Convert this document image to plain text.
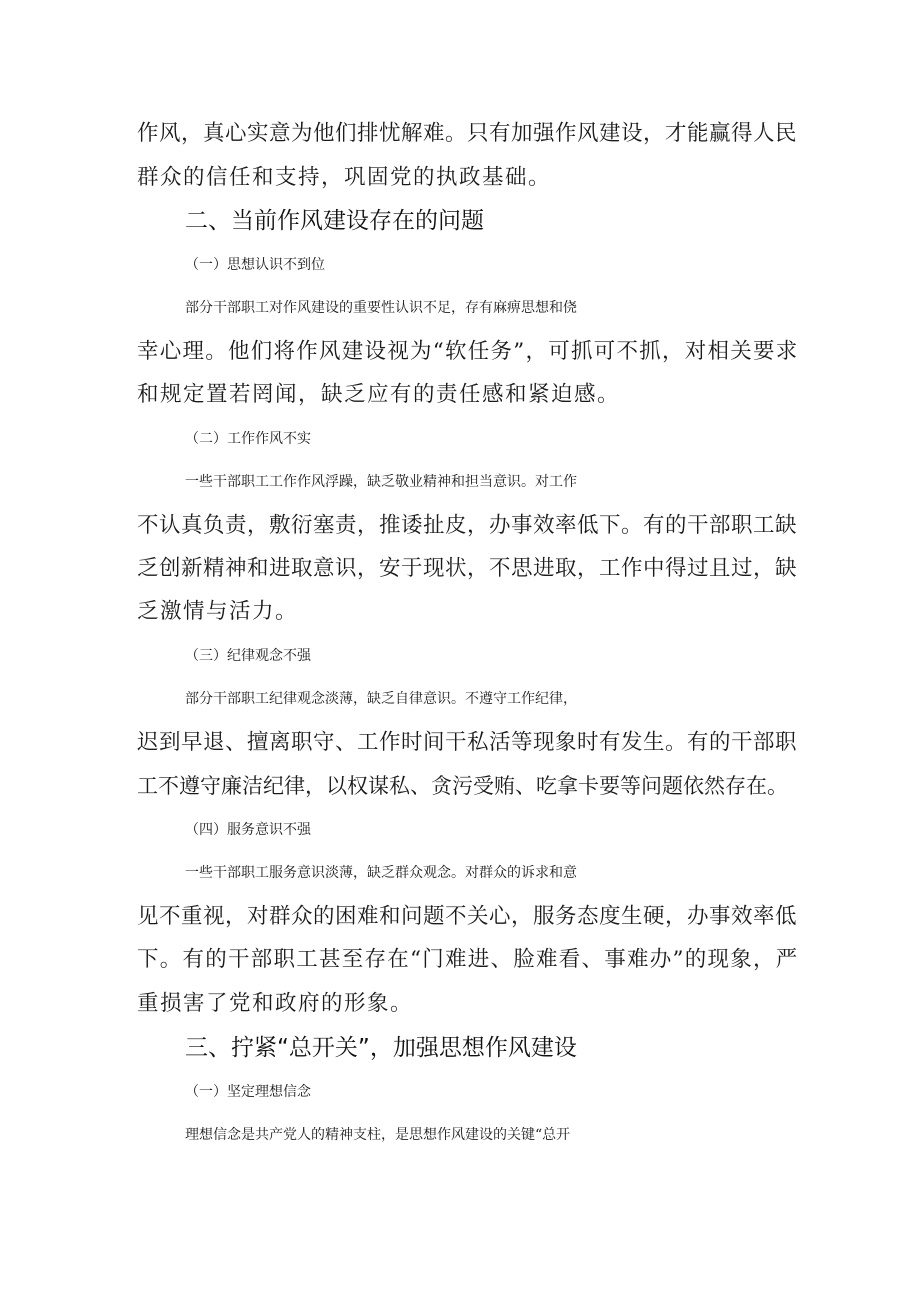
作风，真心实意为他们排忧解难。只有加强作风建设，才能赢得人民
群众的信任和支持，巩固党的执政基础。
二、当前作风建设存在的问题
（一）思想认识不到位
部分干部职工对作风建设的重要性认识不足，存有麻痹思想和侥
幸心理。他们将作风建设视为“软任务”，可抓可不抓，对相关要求
和规定置若罔闻，缺乏应有的责任感和紧迫感。
（二）工作作风不实
一些干部职工工作作风浮躁，缺乏敬业精神和担当意识。对工作
不认真负责，敷衍塞责，推诿扯皮，办事效率低下。有的干部职工缺
乏创新精神和进取意识，安于现状，不思进取，工作中得过且过，缺
乏激情与活力。
（三）纪律观念不强
部分干部职工纪律观念淡薄，缺乏自律意识。不遵守工作纪律，
迟到早退、擅离职守、工作时间干私活等现象时有发生。有的干部职
工不遵守廉洁纪律，以权谋私、贪污受贿、吃拿卡要等问题依然存在。
（四）服务意识不强
一些干部职工服务意识淡薄，缺乏群众观念。对群众的诉求和意
见不重视，对群众的困难和问题不关心，服务态度生硬，办事效率低
下。有的干部职工甚至存在“门难进、脸难看、事难办”的现象，严
重损害了党和政府的形象。
三、拧紧“总开关”，加强思想作风建设
（一）坚定理想信念
理想信念是共产党人的精神支柱，是思想作风建设的关键“总开
